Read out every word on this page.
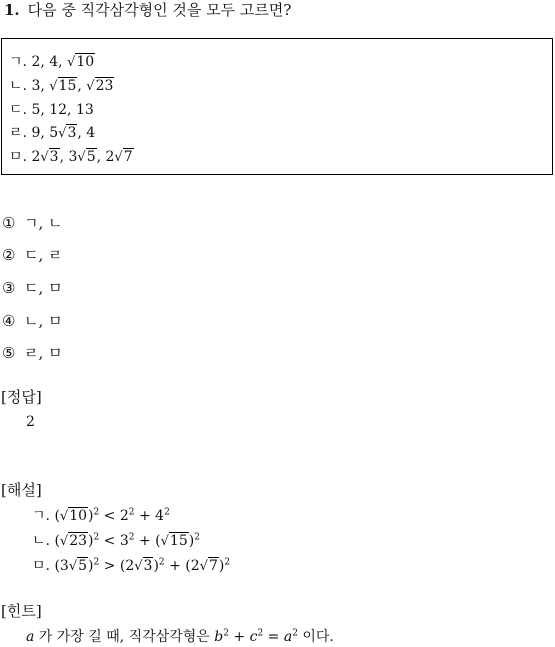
1. 다음 중 직각삼각형인 것을 모두 고르면?
ㄱ. 2, 4, √10
ㄴ. 3, √15, √23
ㄷ. 5, 12, 13
ㄹ. 9, 5√3, 4
ㅁ. 2√3, 3√5, 2√7
① ㄱ, ㄴ
② ㄷ, ㄹ
③ ㄷ, ㅁ
④ ㄴ, ㅁ
⑤ ㄹ, ㅁ
[정답]
2
[해설]
ㄱ. $(√10)^2 < 2^2 + 4^2$
ㄴ. $(√23)^2 < 3^2 + (√15)^2$
ㅁ. $(3√5)^2 > (2√3)^2 + (2√7)^2$
[힌트]
a 가 가장 길 때, 직각삼각형은 $b^2 + c^2 = a^2$ 이다.
